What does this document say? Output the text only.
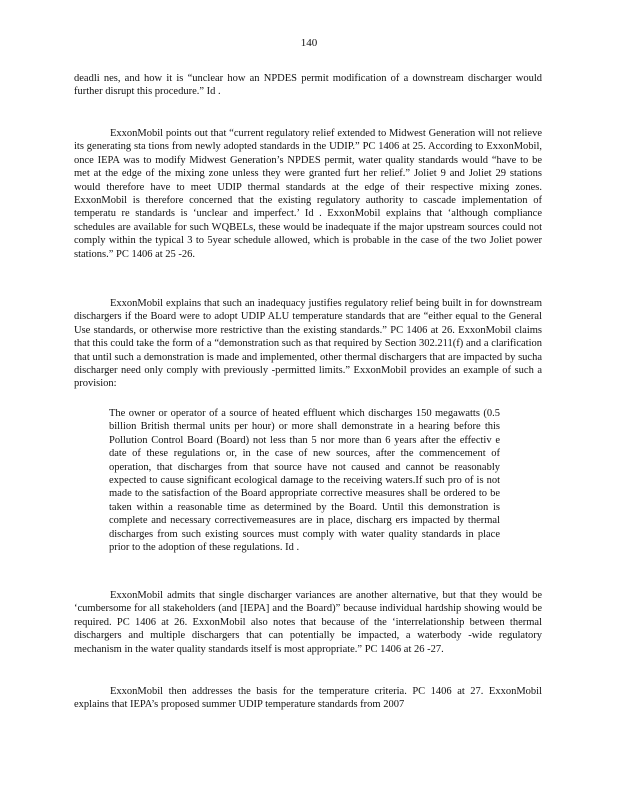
140

deadli nes, and how it is “unclear how an NPDES permit modification of a downstream discharger would further disrupt this procedure.” Id .

ExxonMobil points out that “current regulatory relief extended to Midwest Generation will not relieve its generating sta tions from newly adopted standards in the UDIP.” PC 1406 at 25. According to ExxonMobil, once IEPA was to modify Midwest Generation’s NPDES permit, water quality standards would “have to be met at the edge of the mixing zone unless they were granted furt her relief.” Joliet 9 and Joliet 29 stations would therefore have to meet UDIP thermal standards at the edge of their respective mixing zones. ExxonMobil is therefore concerned that the existing regulatory authority to cascade implementation of temperatu re standards is ‘unclear and imperfect.’ Id . ExxonMobil explains that ‘although compliance schedules are available for such WQBELs, these would be inadequate if the major upstream sources could not comply within the typical 3 to 5year schedule allowed, which is probable in the case of the two Joliet power stations.” PC 1406 at 25 -26.

ExxonMobil explains that such an inadequacy justifies regulatory relief being built in for downstream dischargers if the Board were to adopt UDIP ALU temperature standards that are “either equal to the General Use standards, or otherwise more restrictive than the existing standards.” PC 1406 at 26. ExxonMobil claims that this could take the form of a “demonstration such as that required by Section 302.211(f) and a clarification that until such a demonstration is made and implemented, other thermal dischargers that are impacted by sucha discharger need only comply with previously -permitted limits.” ExxonMobil provides an example of such a provision:

The owner or operator of a source of heated effluent which discharges 150 megawatts (0.5 billion British thermal units per hour) or more shall demonstrate in a hearing before this Pollution Control Board (Board) not less than 5 nor more than 6 years after the effectiv e date of these regulations or, in the case of new sources, after the commencement of operation, that discharges from that source have not caused and cannot be reasonably expected to cause significant ecological damage to the receiving waters.If such pro of is not made to the satisfaction of the Board appropriate corrective measures shall be ordered to be taken within a reasonable time as determined by the Board. Until this demonstration is complete and necessary correctivemeasures are in place, discharg ers impacted by thermal discharges from such existing sources must comply with water quality standards in place prior to the adoption of these regulations. Id .

ExxonMobil admits that single discharger variances are another alternative, but that they would be ‘cumbersome for all stakeholders (and [IEPA] and the Board)” because individual hardship showing would be required. PC 1406 at 26. ExxonMobil also notes that because of the ‘interrelationship between thermal dischargers and multiple dischargers that can potentially be impacted, a waterbody -wide regulatory mechanism in the water quality standards itself is most appropriate.” PC 1406 at 26 -27.

ExxonMobil then addresses the basis for the temperature criteria. PC 1406 at 27. ExxonMobil explains that IEPA’s proposed summer UDIP temperature standards from 2007
